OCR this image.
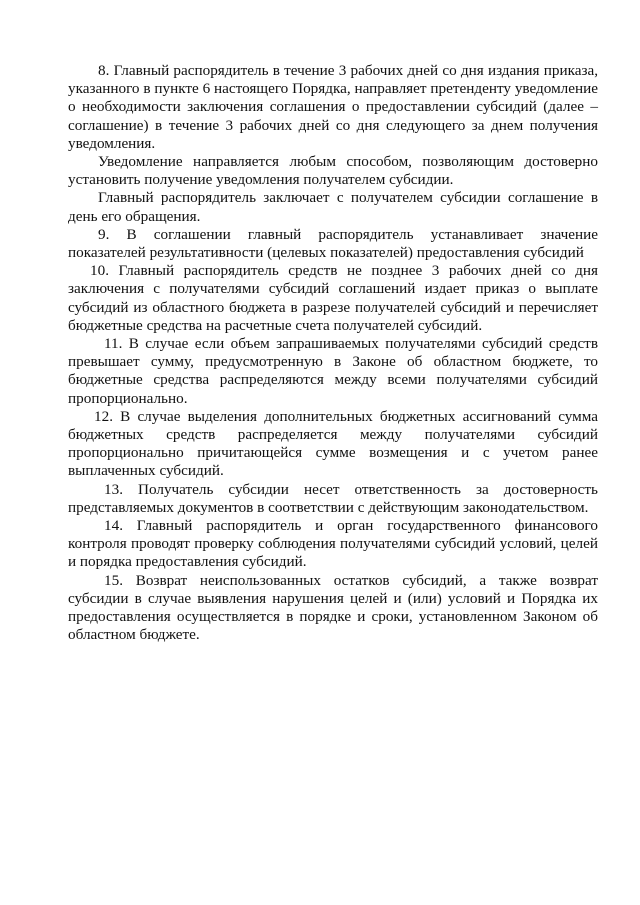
8. Главный распорядитель в течение 3 рабочих дней со дня издания приказа, указанного в пункте 6 настоящего Порядка, направляет претенденту уведомление о необходимости заключения соглашения о предоставлении субсидий (далее – соглашение) в течение 3 рабочих дней со дня следующего за днем получения уведомления.

Уведомление направляется любым способом, позволяющим достоверно установить получение уведомления получателем субсидии.

Главный распорядитель заключает с получателем субсидии соглашение в день его обращения.

9. В соглашении главный распорядитель устанавливает значение показателей результативности (целевых показателей) предоставления субсидий

10. Главный распорядитель средств не позднее 3 рабочих дней со дня заключения с получателями субсидий соглашений издает приказ о выплате субсидий из областного бюджета в разрезе получателей субсидий и перечисляет бюджетные средства на расчетные счета получателей субсидий.

11. В случае если объем запрашиваемых получателями субсидий средств превышает сумму, предусмотренную в Законе об областном бюджете, то бюджетные средства распределяются между всеми получателями субсидий пропорционально.

12. В случае выделения дополнительных бюджетных ассигнований сумма бюджетных средств распределяется между получателями субсидий пропорционально причитающейся сумме возмещения и с учетом ранее выплаченных субсидий.

13. Получатель субсидии несет ответственность за достоверность представляемых документов в соответствии с действующим законодательством.

14. Главный распорядитель и орган государственного финансового контроля проводят проверку соблюдения получателями субсидий условий, целей и порядка предоставления субсидий.

15. Возврат неиспользованных остатков субсидий, а также возврат субсидии в случае выявления нарушения целей и (или) условий и Порядка их предоставления осуществляется в порядке и сроки, установленном Законом об областном бюджете.
